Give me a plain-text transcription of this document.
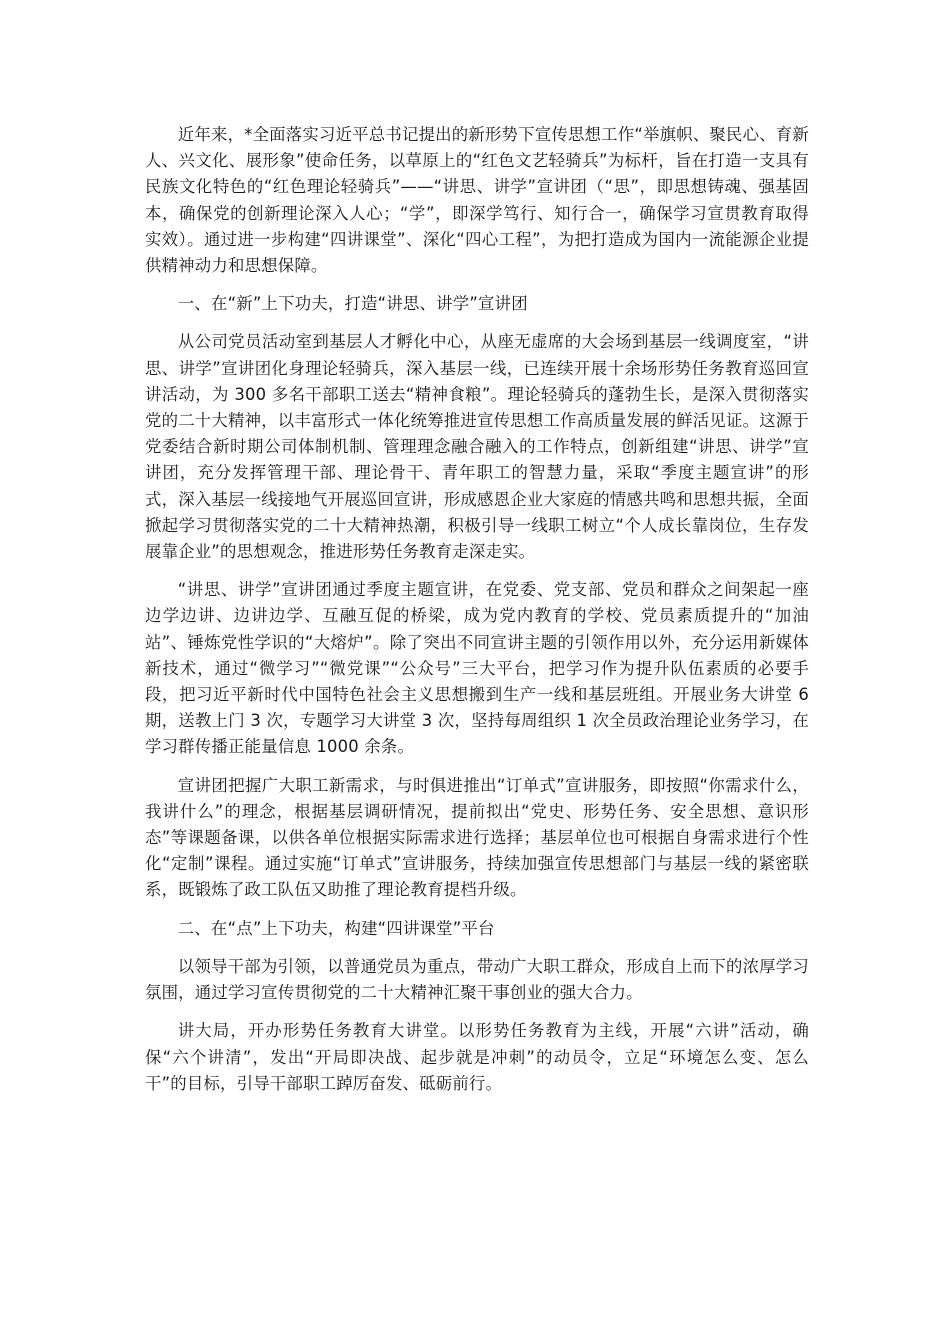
近年来，*全面落实习近平总书记提出的新形势下宣传思想工作“举旗帜、聚民心、育新人、兴文化、展形象”使命任务，以草原上的“红色文艺轻骑兵”为标杆，旨在打造一支具有民族文化特色的“红色理论轻骑兵”——“讲思、讲学”宣讲团（“思”，即思想铸魂、强基固本，确保党的创新理论深入人心；“学”，即深学笃行、知行合一，确保学习宣贯教育取得实效）。通过进一步构建“四讲课堂”、深化“四心工程”，为把打造成为国内一流能源企业提供精神动力和思想保障。

一、在“新”上下功夫，打造“讲思、讲学”宣讲团

从公司党员活动室到基层人才孵化中心，从座无虚席的大会场到基层一线调度室，“讲思、讲学”宣讲团化身理论轻骑兵，深入基层一线，已连续开展十余场形势任务教育巡回宣讲活动，为 300 多名干部职工送去“精神食粮”。理论轻骑兵的蓬勃生长，是深入贯彻落实党的二十大精神，以丰富形式一体化统筹推进宣传思想工作高质量发展的鲜活见证。这源于党委结合新时期公司体制机制、管理理念融合融入的工作特点，创新组建“讲思、讲学”宣讲团，充分发挥管理干部、理论骨干、青年职工的智慧力量，采取“季度主题宣讲”的形式，深入基层一线接地气开展巡回宣讲，形成感恩企业大家庭的情感共鸣和思想共振，全面掀起学习贯彻落实党的二十大精神热潮，积极引导一线职工树立“个人成长靠岗位，生存发展靠企业”的思想观念，推进形势任务教育走深走实。

“讲思、讲学”宣讲团通过季度主题宣讲，在党委、党支部、党员和群众之间架起一座边学边讲、边讲边学、互融互促的桥梁，成为党内教育的学校、党员素质提升的“加油站”、锤炼党性学识的“大熔炉”。除了突出不同宣讲主题的引领作用以外，充分运用新媒体新技术，通过“微学习”“微党课”“公众号”三大平台，把学习作为提升队伍素质的必要手段，把习近平新时代中国特色社会主义思想搬到生产一线和基层班组。开展业务大讲堂 6 期，送教上门 3 次，专题学习大讲堂 3 次，坚持每周组织 1 次全员政治理论业务学习，在学习群传播正能量信息 1000 余条。

宣讲团把握广大职工新需求，与时俱进推出“订单式”宣讲服务，即按照“你需求什么，我讲什么”的理念，根据基层调研情况，提前拟出“党史、形势任务、安全思想、意识形态”等课题备课，以供各单位根据实际需求进行选择；基层单位也可根据自身需求进行个性化“定制”课程。通过实施“订单式”宣讲服务，持续加强宣传思想部门与基层一线的紧密联系，既锻炼了政工队伍又助推了理论教育提档升级。

二、在“点”上下功夫，构建“四讲课堂”平台

以领导干部为引领，以普通党员为重点，带动广大职工群众，形成自上而下的浓厚学习氛围，通过学习宣传贯彻党的二十大精神汇聚干事创业的强大合力。

讲大局，开办形势任务教育大讲堂。以形势任务教育为主线，开展“六讲”活动，确保“六个讲清”，发出“开局即决战、起步就是冲刺”的动员令，立足“环境怎么变、怎么干”的目标，引导干部职工踔厉奋发、砥砺前行。
